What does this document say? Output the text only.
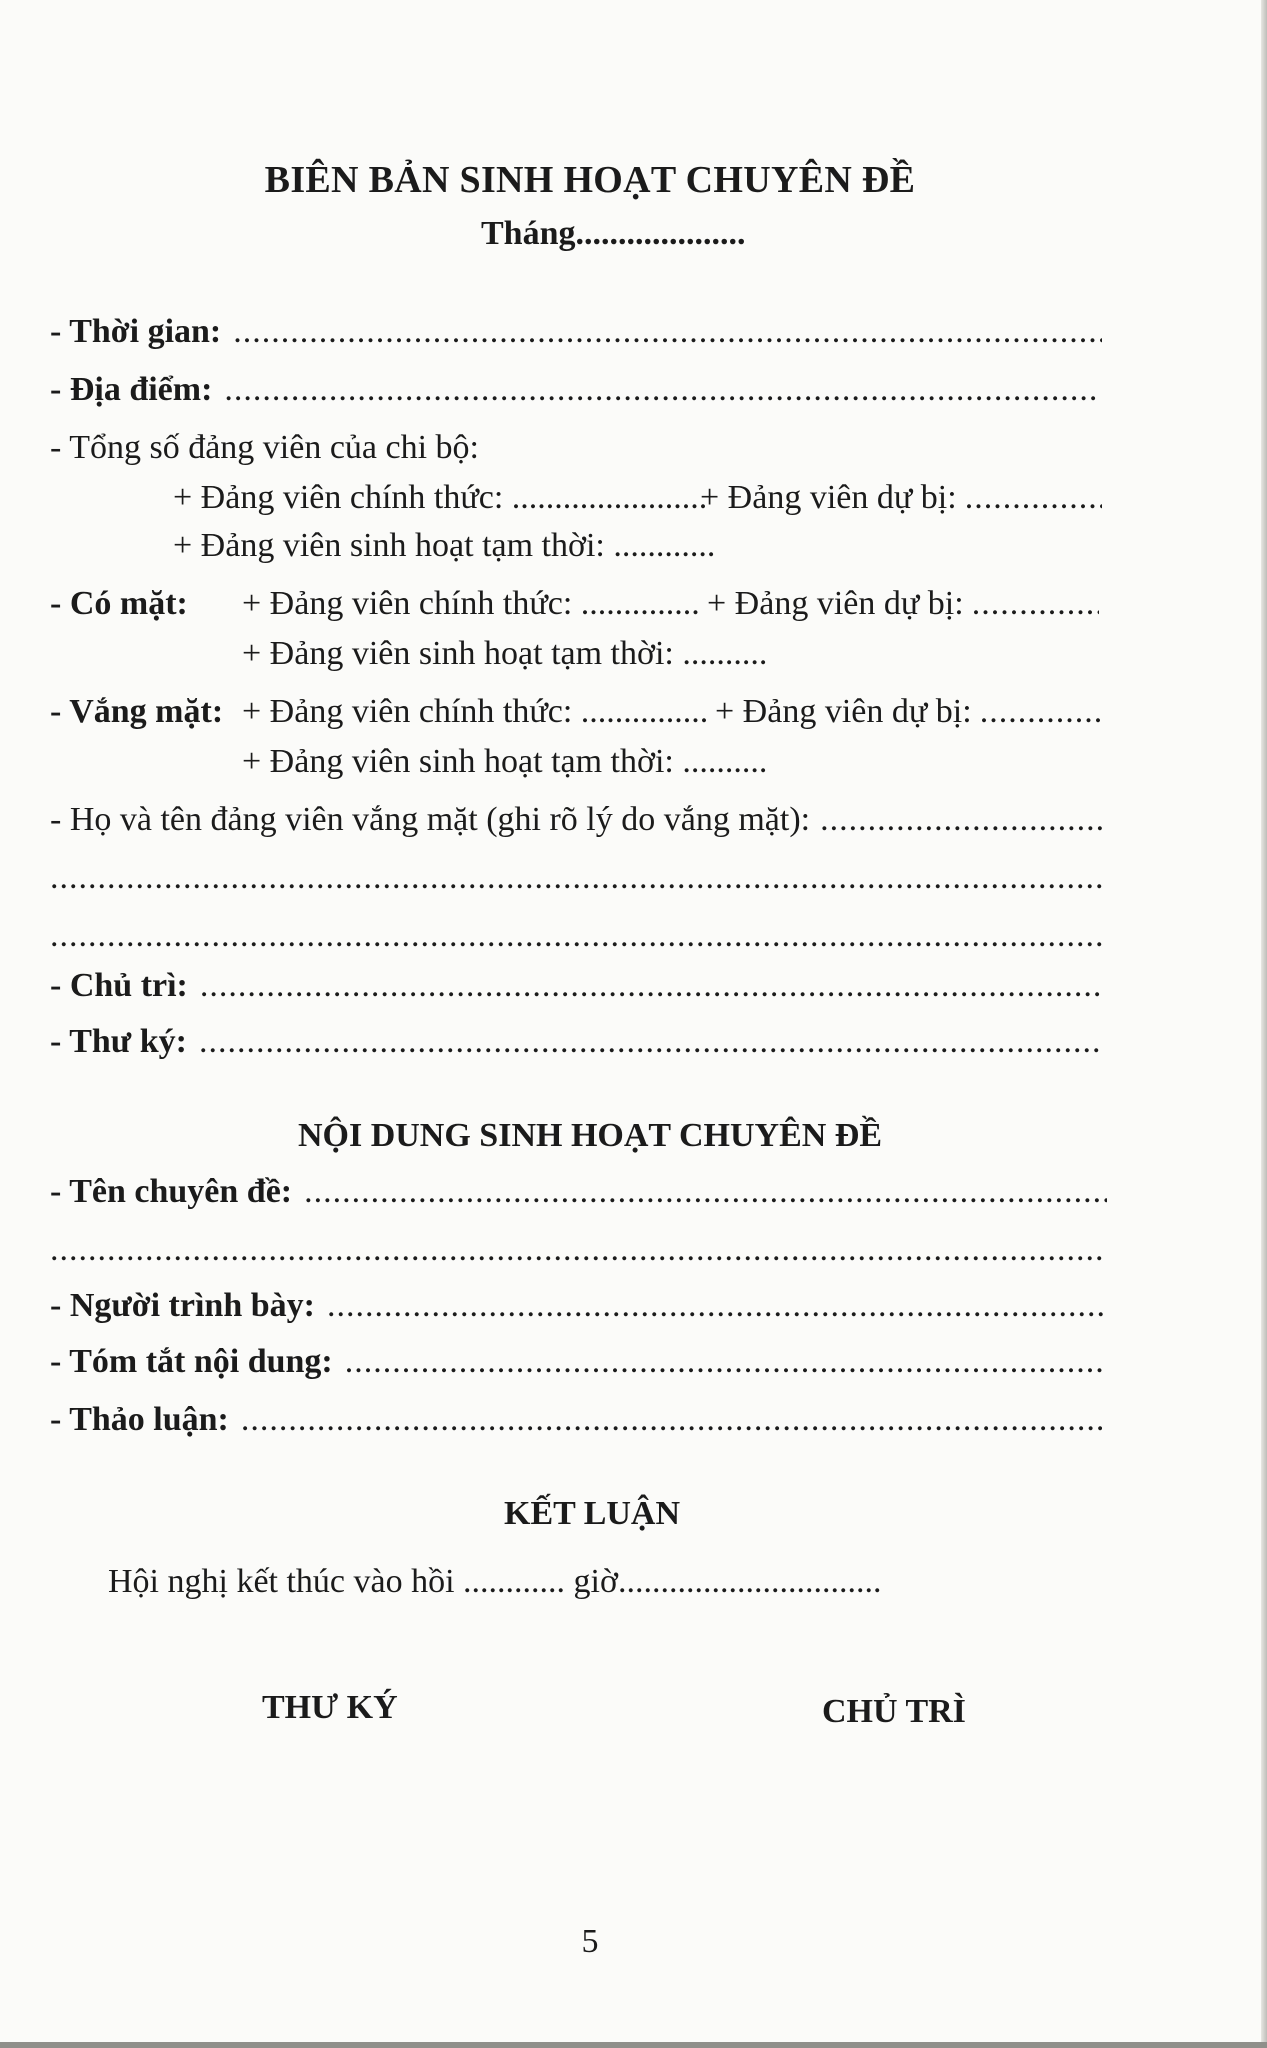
BIÊN BẢN SINH HOẠT CHUYÊN ĐỀ
Tháng....................
- Thời gian:
.....
- Địa điểm:
.....
- Tổng số đảng viên của chi bộ:
+ Đảng viên chính thức: .......................
+ Đảng viên dự bị:
.....
+ Đảng viên sinh hoạt tạm thời: ............
- Có mặt: + Đảng viên chính thức: .............. + Đảng viên dự bị:
.....
+ Đảng viên sinh hoạt tạm thời: ..........
- Vắng mặt: + Đảng viên chính thức: ............... + Đảng viên dự bị:
.....
+ Đảng viên sinh hoạt tạm thời: ..........
- Họ và tên đảng viên vắng mặt (ghi rõ lý do vắng mặt):
.....
.....
.....
- Chủ trì:
.....
- Thư ký:
.....
NỘI DUNG SINH HOẠT CHUYÊN ĐỀ
- Tên chuyên đề:
.....
.....
- Người trình bày:
.....
- Tóm tắt nội dung:
.....
- Thảo luận:
.....
KẾT LUẬN
Hội nghị kết thúc vào hồi ............ giờ...............................
THƯ KÝ	CHỦ TRÌ
5
